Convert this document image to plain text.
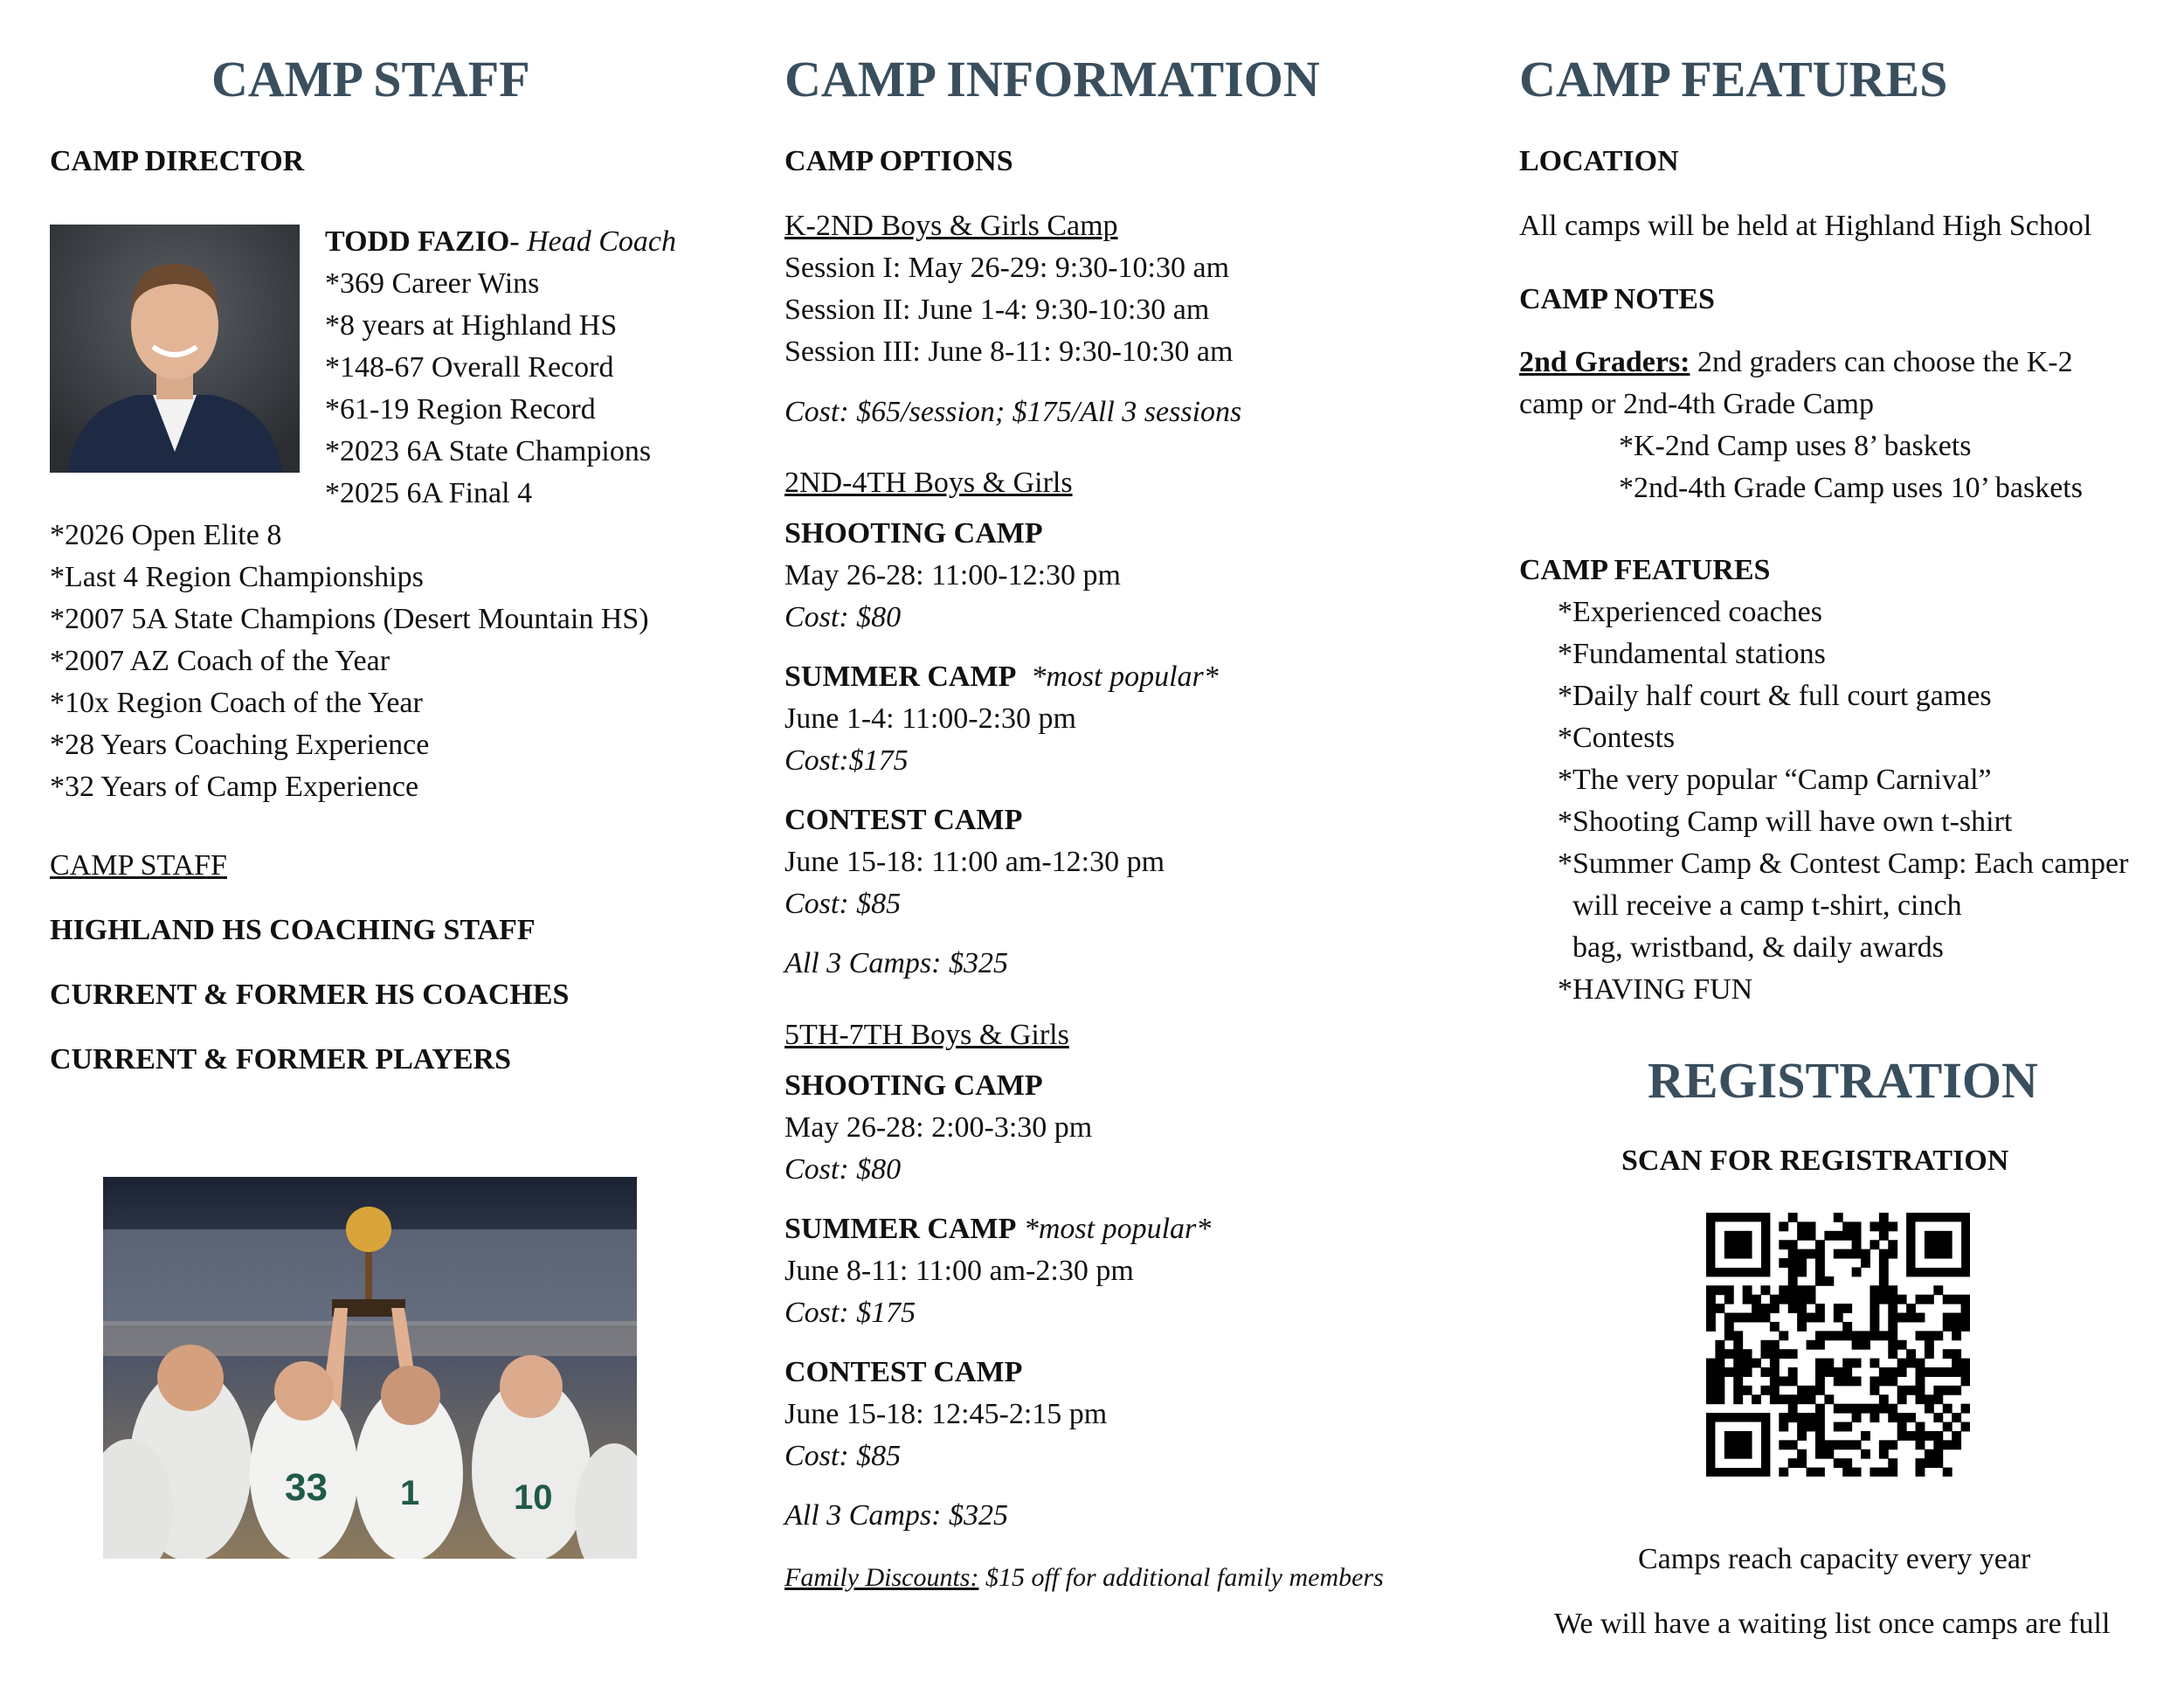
CAMP STAFF
CAMP DIRECTOR
TODD FAZIO- Head Coach
*369 Career Wins
*8 years at Highland HS
*148-67 Overall Record
*61-19 Region Record
*2023 6A State Champions
*2025 6A Final 4
*2026 Open Elite 8
*Last 4 Region Championships
*2007 5A State Champions (Desert Mountain HS)
*2007 AZ Coach of the Year
*10x Region Coach of the Year
*28 Years Coaching Experience
*32 Years of Camp Experience
CAMP STAFF
HIGHLAND HS COACHING STAFF
CURRENT & FORMER HS COACHES
CURRENT & FORMER PLAYERS
33 1	10
CAMP INFORMATION
CAMP OPTIONS
K-2ND Boys & Girls Camp
Session I: May 26-29: 9:30-10:30 am
Session II: June 1-4: 9:30-10:30 am
Session III: June 8-11: 9:30-10:30 am
Cost: $65/session; $175/All 3 sessions
2ND-4TH Boys & Girls
SHOOTING CAMP
May 26-28: 11:00-12:30 pm
Cost: $80
SUMMER CAMP *most popular*
June 1-4: 11:00-2:30 pm
Cost:$175
CONTEST CAMP
June 15-18: 11:00 am-12:30 pm
Cost: $85
All 3 Camps: $325
5TH-7TH Boys & Girls
SHOOTING CAMP
May 26-28: 2:00-3:30 pm
Cost: $80
SUMMER CAMP *most popular*
June 8-11: 11:00 am-2:30 pm
Cost: $175
CONTEST CAMP
June 15-18: 12:45-2:15 pm
Cost: $85
All 3 Camps: $325
Family Discounts: $15 off for additional family members
CAMP FEATURES
LOCATION
All camps will be held at Highland High School
CAMP NOTES
2nd Graders: 2nd graders can choose the K-2
camp or 2nd-4th Grade Camp
*K-2nd Camp uses 8’ baskets
*2nd-4th Grade Camp uses 10’ baskets
CAMP FEATURES
*Experienced coaches
*Fundamental stations
*Daily half court & full court games
*Contests
*The very popular “Camp Carnival”
*Shooting Camp will have own t-shirt
*Summer Camp & Contest Camp: Each camper
will receive a camp t-shirt, cinch
bag, wristband, & daily awards
*HAVING FUN
REGISTRATION
SCAN FOR REGISTRATION
Camps reach capacity every year
We will have a waiting list once camps are full
